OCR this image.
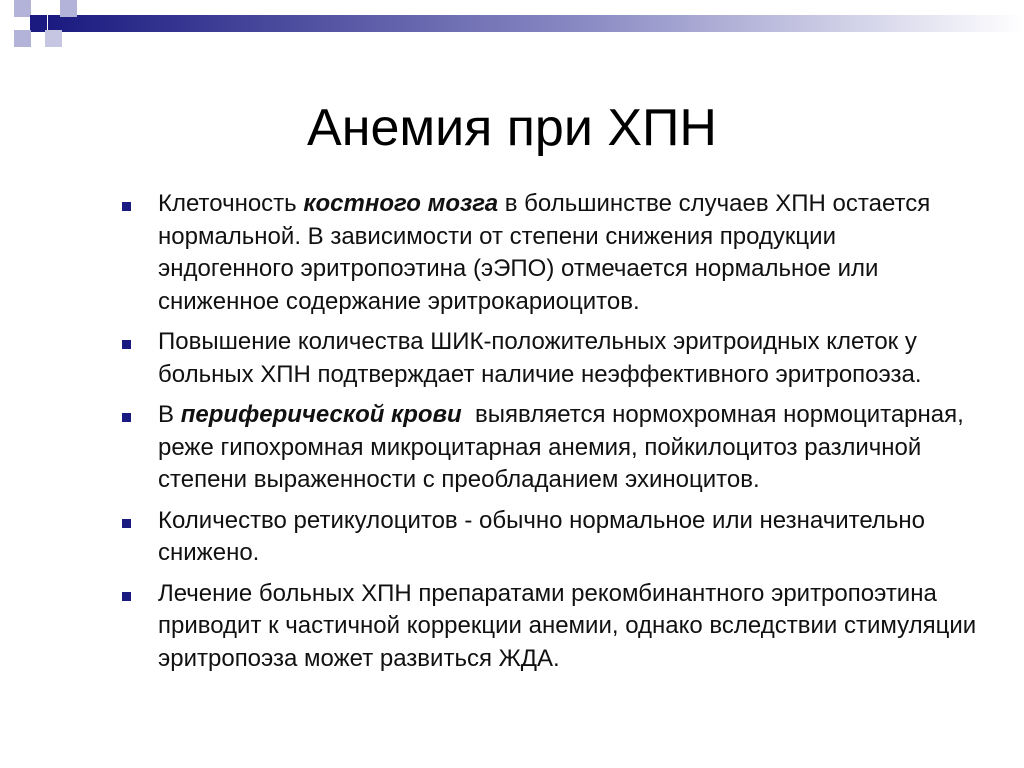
Анемия при ХПН
Клеточность костного мозга в большинстве случаев ХПН остается нормальной. В зависимости от степени снижения продукции эндогенного эритропоэтина (эЭПО) отмечается нормальное или сниженное содержание эритрокариоцитов.
Повышение количества ШИК-положительных эритроидных клеток у больных ХПН подтверждает наличие неэффективного эритропоэза.
В периферической крови  выявляется нормохромная нормоцитарная, реже гипохромная микроцитарная анемия, пойкилоцитоз различной степени выраженности с преобладанием эхиноцитов.
Количество ретикулоцитов - обычно нормальное или незначительно снижено.
Лечение больных ХПН препаратами рекомбинантного эритропоэтина приводит к частичной коррекции анемии, однако вследствии стимуляции эритропоэза может развиться ЖДА.
